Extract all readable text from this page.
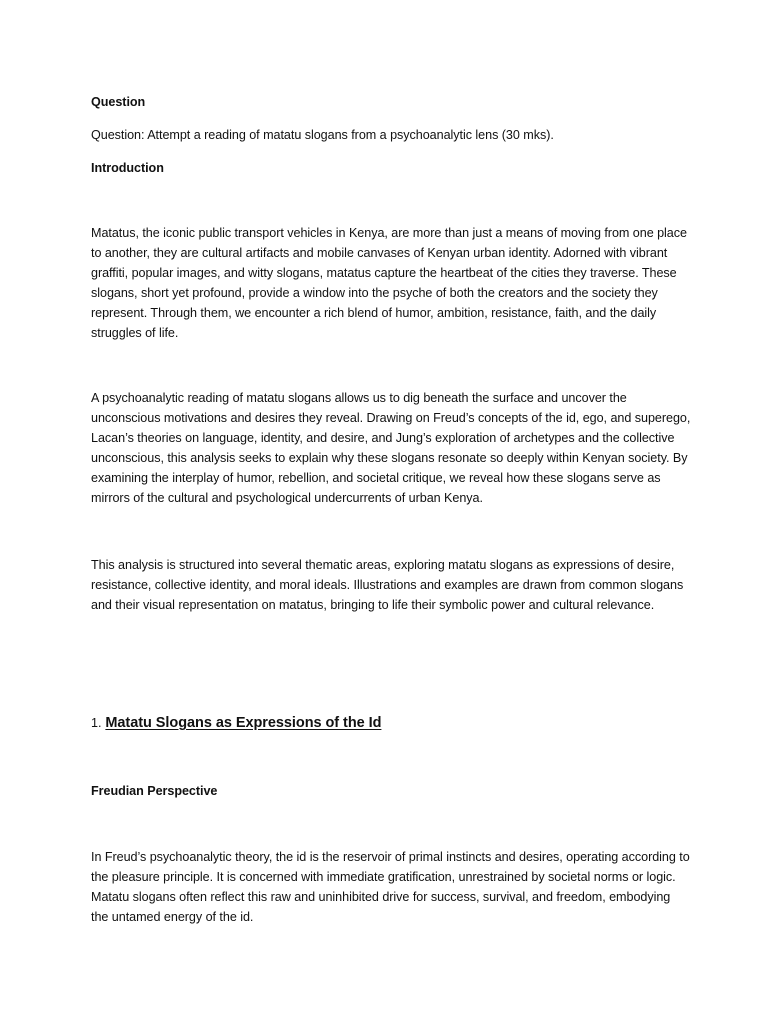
Question

Question: Attempt a reading of matatu slogans from a psychoanalytic lens (30 mks).

Introduction

Matatus, the iconic public transport vehicles in Kenya, are more than just a means of moving from one place to another, they are cultural artifacts and mobile canvases of Kenyan urban identity. Adorned with vibrant graffiti, popular images, and witty slogans, matatus capture the heartbeat of the cities they traverse. These slogans, short yet profound, provide a window into the psyche of both the creators and the society they represent. Through them, we encounter a rich blend of humor, ambition, resistance, faith, and the daily struggles of life.

A psychoanalytic reading of matatu slogans allows us to dig beneath the surface and uncover the unconscious motivations and desires they reveal. Drawing on Freud’s concepts of the id, ego, and superego, Lacan’s theories on language, identity, and desire, and Jung’s exploration of archetypes and the collective unconscious, this analysis seeks to explain why these slogans resonate so deeply within Kenyan society. By examining the interplay of humor, rebellion, and societal critique, we reveal how these slogans serve as mirrors of the cultural and psychological undercurrents of urban Kenya.

This analysis is structured into several thematic areas, exploring matatu slogans as expressions of desire, resistance, collective identity, and moral ideals. Illustrations and examples are drawn from common slogans and their visual representation on matatus, bringing to life their symbolic power and cultural relevance.

1. Matatu Slogans as Expressions of the Id

Freudian Perspective

In Freud’s psychoanalytic theory, the id is the reservoir of primal instincts and desires, operating according to the pleasure principle. It is concerned with immediate gratification, unrestrained by societal norms or logic. Matatu slogans often reflect this raw and uninhibited drive for success, survival, and freedom, embodying the untamed energy of the id.
